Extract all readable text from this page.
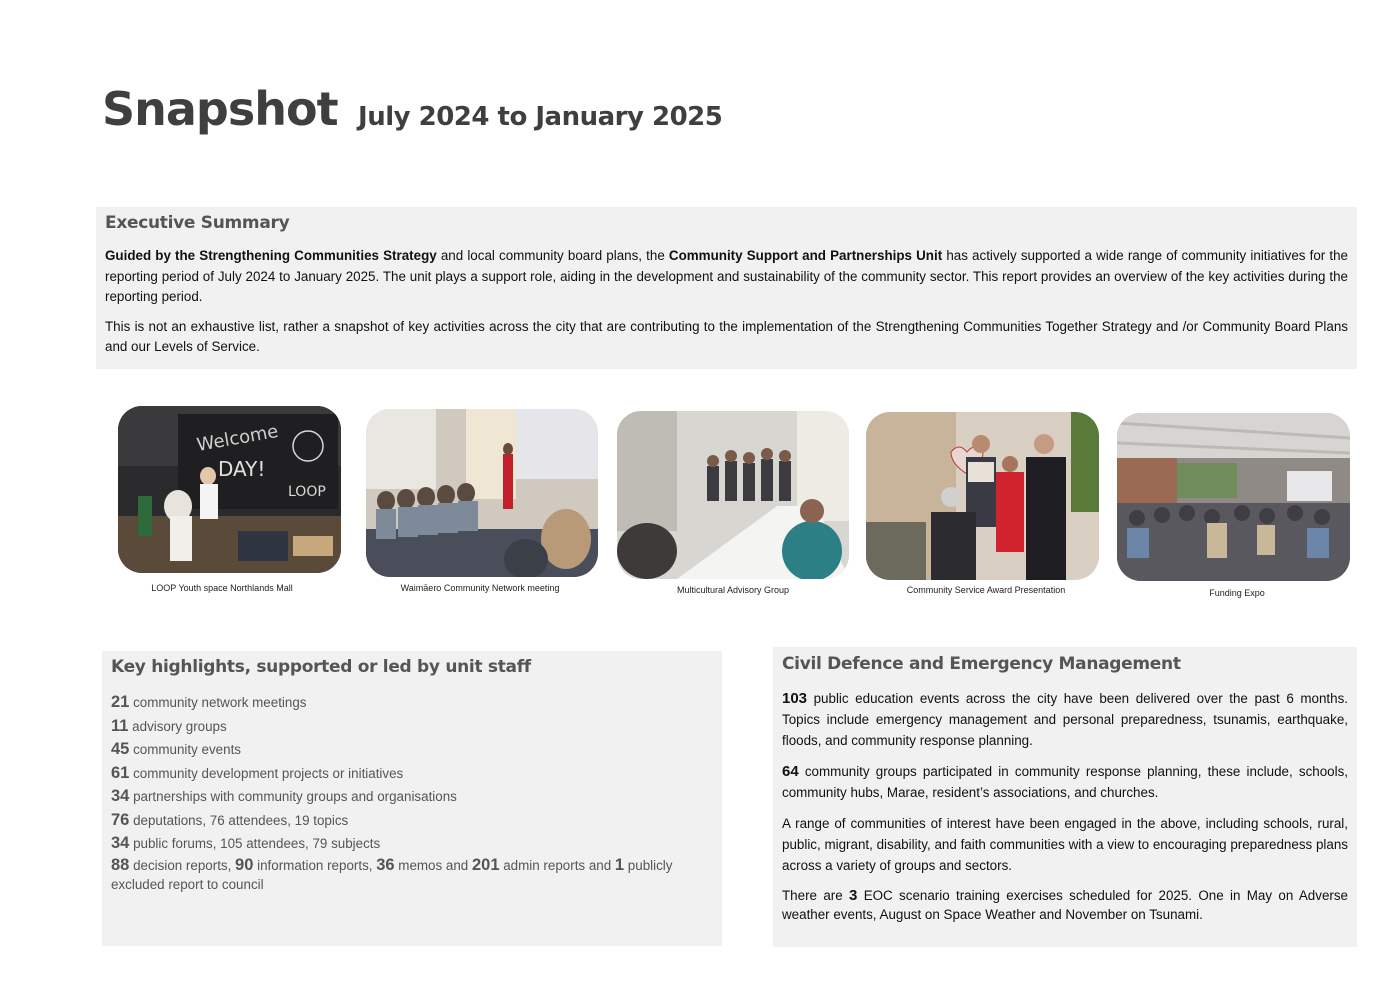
Snapshot July 2024 to January 2025
Executive Summary

Guided by the Strengthening Communities Strategy and local community board plans, the Community Support and Partnerships Unit has actively supported a wide range of community initiatives for the reporting period of July 2024 to January 2025. The unit plays a support role, aiding in the development and sustainability of the community sector. This report provides an overview of the key activities during the reporting period.

This is not an exhaustive list, rather a snapshot of key activities across the city that are contributing to the implementation of the Strengthening Communities Together Strategy and /or Community Board Plans and our Levels of Service.

Welcome
DAY!
LOOP
LOOP Youth space Northlands Mall	Waimāero Community Network meeting	Multicultural Advisory Group	Community Service Award Presentation	Funding Expo
Key highlights, supported or led by unit staff
21 community network meetings
11 advisory groups
45 community events
61 community development projects or initiatives
34 partnerships with community groups and organisations
76 deputations, 76 attendees, 19 topics
34 public forums, 105 attendees, 79 subjects
88 decision reports, 90 information reports, 36 memos and 201 admin reports and 1 publicly excluded report to council
Civil Defence and Emergency Management

103 public education events across the city have been delivered over the past 6 months. Topics include emergency management and personal preparedness, tsunamis, earthquake, floods, and community response planning.

64 community groups participated in community response planning, these include, schools, community hubs, Marae, resident’s associations, and churches.

A range of communities of interest have been engaged in the above, including schools, rural, public, migrant, disability, and faith communities with a view to encouraging preparedness plans across a variety of groups and sectors.

There are 3 EOC scenario training exercises scheduled for 2025. One in May on Adverse weather events, August on Space Weather and November on Tsunami.
